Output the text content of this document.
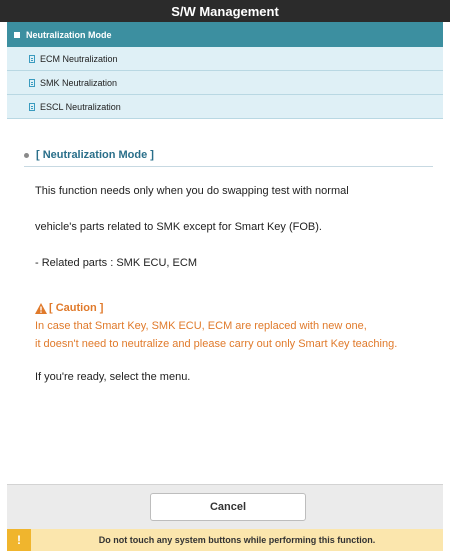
S/W Management
Neutralization Mode
ECM Neutralization
SMK Neutralization
ESCL Neutralization
[ Neutralization Mode ]
This function needs only when you do swapping test with normal
vehicle's parts related to SMK except for Smart Key (FOB).
- Related parts : SMK ECU, ECM
[ Caution ]
In case that Smart Key, SMK ECU, ECM are replaced with new one,
it doesn't need to neutralize and please carry out only Smart Key teaching.
If you're ready, select the menu.
Cancel
!	Do not touch any system buttons while performing this function.
